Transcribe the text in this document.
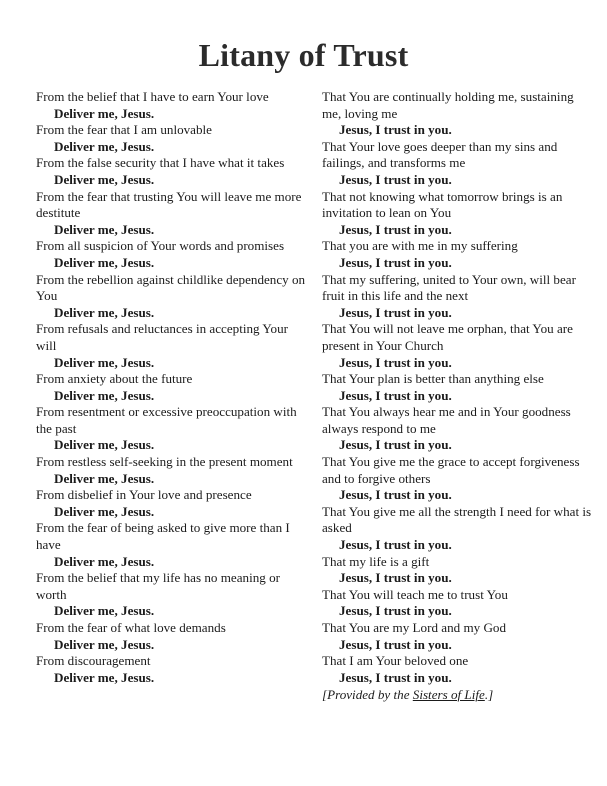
Litany of Trust
From the belief that I have to earn Your love
Deliver me, Jesus.
From the fear that I am unlovable
Deliver me, Jesus.
From the false security that I have what it takes
Deliver me, Jesus.
From the fear that trusting You will leave me more destitute
Deliver me, Jesus.
From all suspicion of Your words and promises
Deliver me, Jesus.
From the rebellion against childlike dependency on You
Deliver me, Jesus.
From refusals and reluctances in accepting Your will
Deliver me, Jesus.
From anxiety about the future
Deliver me, Jesus.
From resentment or excessive preoccupation with the past
Deliver me, Jesus.
From restless self-seeking in the present moment
Deliver me, Jesus.
From disbelief in Your love and presence
Deliver me, Jesus.
From the fear of being asked to give more than I have
Deliver me, Jesus.
From the belief that my life has no meaning or worth
Deliver me, Jesus.
From the fear of what love demands
Deliver me, Jesus.
From discouragement
Deliver me, Jesus.
That You are continually holding me, sustaining me, loving me
Jesus, I trust in you.
That Your love goes deeper than my sins and failings, and transforms me
Jesus, I trust in you.
That not knowing what tomorrow brings is an invitation to lean on You
Jesus, I trust in you.
That you are with me in my suffering
Jesus, I trust in you.
That my suffering, united to Your own, will bear fruit in this life and the next
Jesus, I trust in you.
That You will not leave me orphan, that You are present in Your Church
Jesus, I trust in you.
That Your plan is better than anything else
Jesus, I trust in you.
That You always hear me and in Your goodness always respond to me
Jesus, I trust in you.
That You give me the grace to accept forgiveness and to forgive others
Jesus, I trust in you.
That You give me all the strength I need for what is asked
Jesus, I trust in you.
That my life is a gift
Jesus, I trust in you.
That You will teach me to trust You
Jesus, I trust in you.
That You are my Lord and my God
Jesus, I trust in you.
That I am Your beloved one
Jesus, I trust in you.
[Provided by the Sisters of Life.]
